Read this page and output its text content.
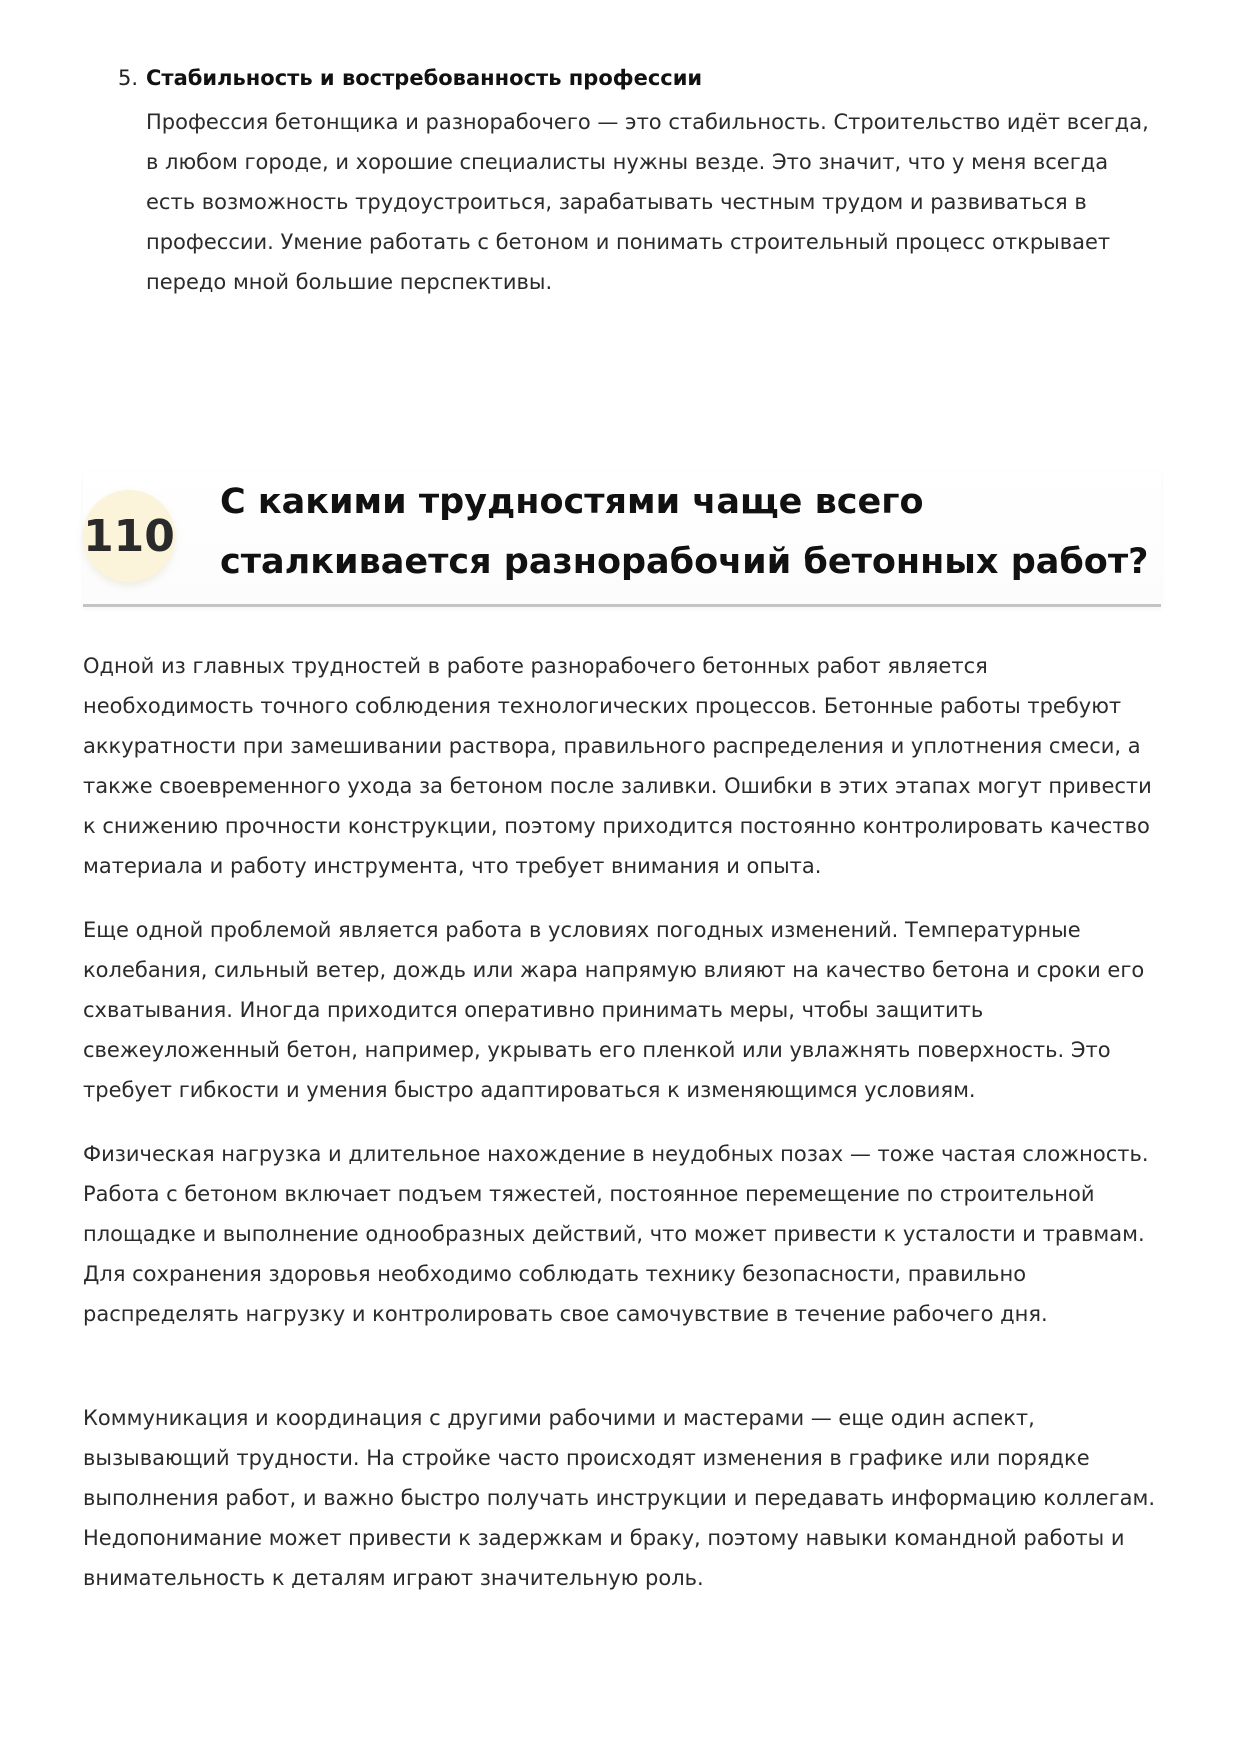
5. Стабильность и востребованность профессии
Профессия бетонщика и разнорабочего — это стабильность. Строительство идёт всегда, в любом городе, и хорошие специалисты нужны везде. Это значит, что у меня всегда есть возможность трудоустроиться, зарабатывать честным трудом и развиваться в профессии. Умение работать с бетоном и понимать строительный процесс открывает передо мной большие перспективы.
110
С какими трудностями чаще всего сталкивается разнорабочий бетонных работ?
Одной из главных трудностей в работе разнорабочего бетонных работ является необходимость точного соблюдения технологических процессов. Бетонные работы требуют аккуратности при замешивании раствора, правильного распределения и уплотнения смеси, а также своевременного ухода за бетоном после заливки. Ошибки в этих этапах могут привести к снижению прочности конструкции, поэтому приходится постоянно контролировать качество материала и работу инструмента, что требует внимания и опыта.
Еще одной проблемой является работа в условиях погодных изменений. Температурные колебания, сильный ветер, дождь или жара напрямую влияют на качество бетона и сроки его схватывания. Иногда приходится оперативно принимать меры, чтобы защитить свежеуложенный бетон, например, укрывать его пленкой или увлажнять поверхность. Это требует гибкости и умения быстро адаптироваться к изменяющимся условиям.
Физическая нагрузка и длительное нахождение в неудобных позах — тоже частая сложность. Работа с бетоном включает подъем тяжестей, постоянное перемещение по строительной площадке и выполнение однообразных действий, что может привести к усталости и травмам. Для сохранения здоровья необходимо соблюдать технику безопасности, правильно распределять нагрузку и контролировать свое самочувствие в течение рабочего дня.
Коммуникация и координация с другими рабочими и мастерами — еще один аспект, вызывающий трудности. На стройке часто происходят изменения в графике или порядке выполнения работ, и важно быстро получать инструкции и передавать информацию коллегам. Недопонимание может привести к задержкам и браку, поэтому навыки командной работы и внимательность к деталям играют значительную роль.
